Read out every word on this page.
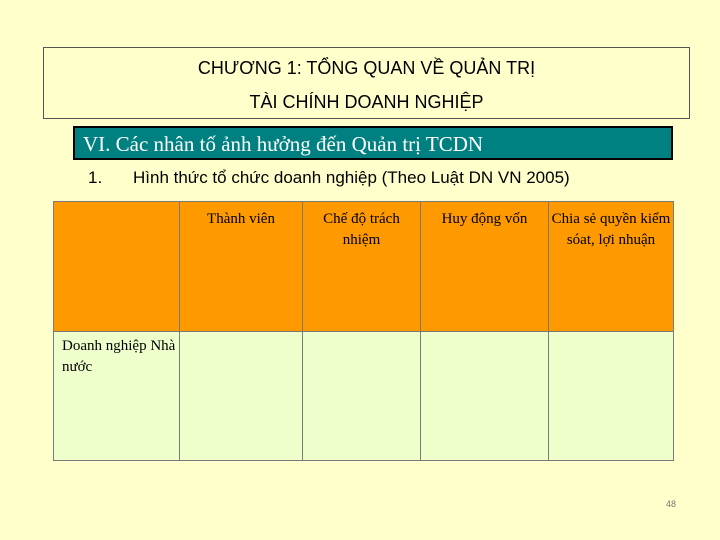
CHƯƠNG 1: TỔNG QUAN VỀ QUẢN TRỊ
TÀI CHÍNH DOANH NGHIỆP
VI. Các nhân tố ảnh hưởng đến Quản trị TCDN
1. Hình thức tổ chức doanh nghiệp (Theo Luật DN VN 2005)
	Thành viên	Chế độ trách nhiệm	Huy động vốn	Chia sẻ quyền kiểm sóat, lợi nhuận

Doanh nghiệp Nhà nước				

48
